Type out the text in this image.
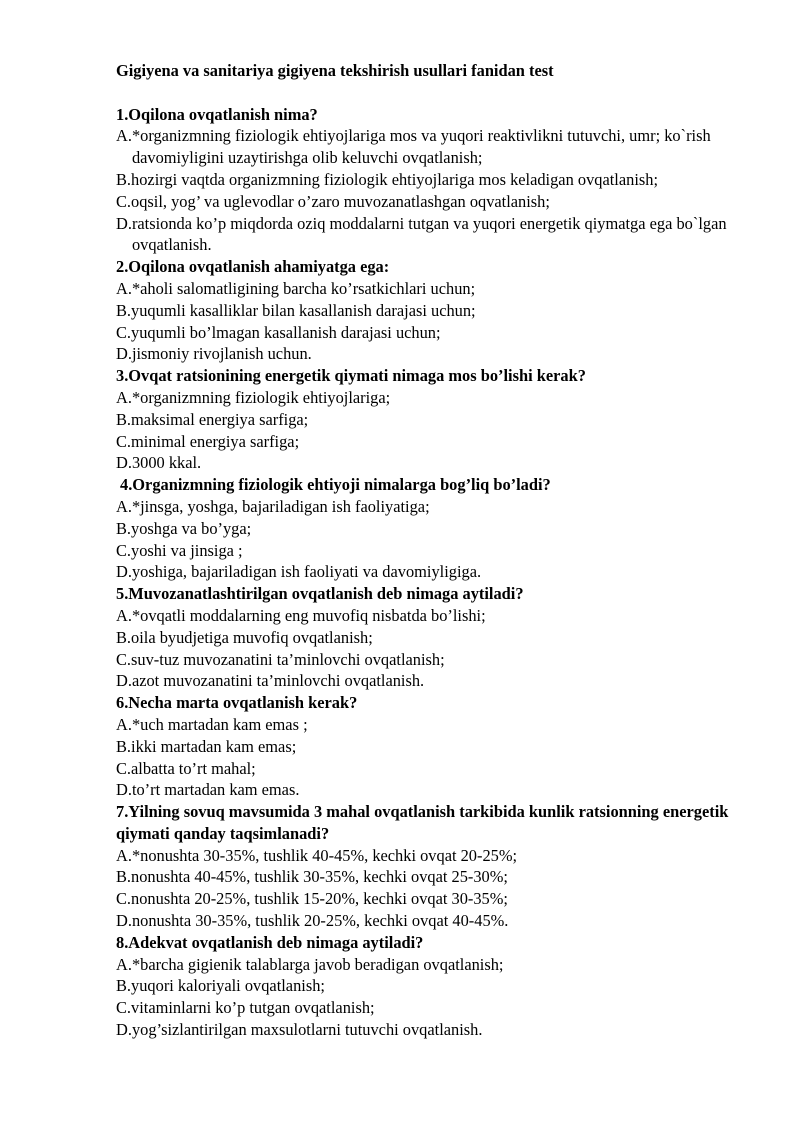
Gigiyena va sanitariya gigiyena tekshirish usullari fanidan test

1.Oqilona ovqatlanish nima?

A. *organizmning fiziologik ehtiyojlariga mos va yuqori reaktivlikni tutuvchi, umr; ko`rish davomiyligini uzaytirishga olib keluvchi ovqatlanish;
B. hozirgi vaqtda organizmning fiziologik ehtiyojlariga mos keladigan ovqatlanish;
C. oqsil, yog’ va uglevodlar o’zaro muvozanatlashgan oqvatlanish;
D. ratsionda ko’p miqdorda oziq moddalarni tutgan va yuqori energetik qiymatga ega bo`lgan ovqatlanish.

2.Oqilona ovqatlanish ahamiyatga ega:

A. *aholi salomatligining barcha ko’rsatkichlari uchun;
B. yuqumli kasalliklar bilan kasallanish darajasi uchun;
C. yuqumli bo’lmagan kasallanish darajasi uchun;
D. jismoniy rivojlanish uchun.

3.Ovqat ratsionining energetik qiymati nimaga mos bo’lishi kerak?

A. *organizmning fiziologik ehtiyojlariga;
B. maksimal energiya sarfiga;
C. minimal energiya sarfiga;
D. 3000 kkal.

4.Organizmning fiziologik ehtiyoji nimalarga bog’liq bo’ladi?

A. *jinsga, yoshga, bajariladigan ish faoliyatiga;
B. yoshga va bo’yga;
C. yoshi va jinsiga ;
D. yoshiga, bajariladigan ish faoliyati va davomiyligiga.

5.Muvozanatlashtirilgan ovqatlanish deb nimaga aytiladi?

A. *ovqatli moddalarning eng muvofiq nisbatda bo’lishi;
B. oila byudjetiga muvofiq ovqatlanish;
C. suv-tuz muvozanatini ta’minlovchi ovqatlanish;
D. azot muvozanatini ta’minlovchi ovqatlanish.

6.Necha marta ovqatlanish kerak?

A. *uch martadan kam emas ;
B. ikki martadan kam emas;
C. albatta to’rt mahal;
D. to’rt martadan kam emas.

7.Yilning sovuq mavsumida 3 mahal ovqatlanish tarkibida kunlik ratsionning energetik qiymati qanday taqsimlanadi?

A. *nonushta 30-35%, tushlik 40-45%, kechki ovqat 20-25%;
B. nonushta 40-45%, tushlik 30-35%, kechki ovqat 25-30%;
C. nonushta 20-25%, tushlik 15-20%, kechki ovqat 30-35%;
D. nonushta 30-35%, tushlik 20-25%, kechki ovqat 40-45%.

8.Adekvat ovqatlanish deb nimaga aytiladi?

A. *barcha gigienik talablarga javob beradigan ovqatlanish;
B. yuqori kaloriyali ovqatlanish;
C. vitaminlarni ko’p tutgan ovqatlanish;
D. yog’sizlantirilgan maxsulotlarni tutuvchi ovqatlanish.
